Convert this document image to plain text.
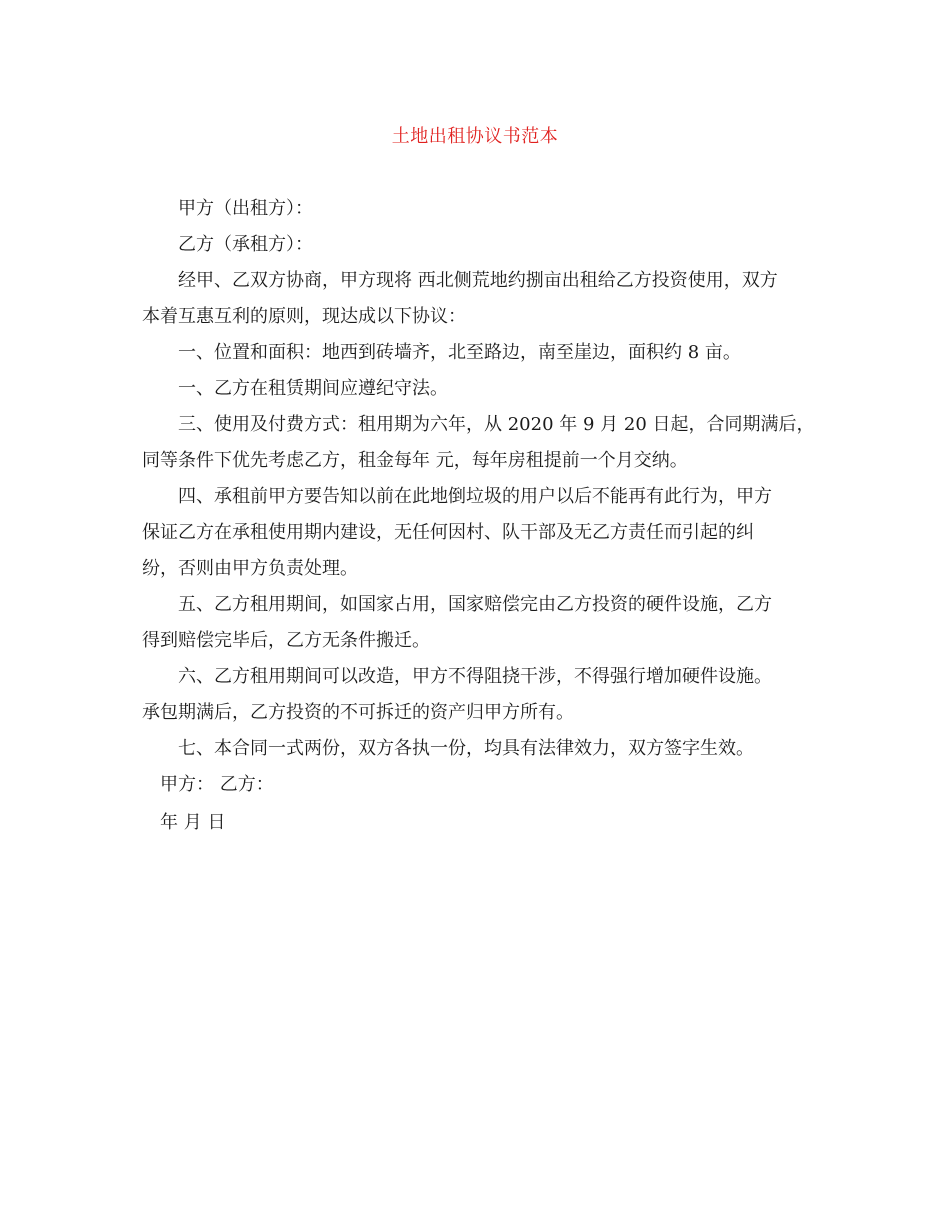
土地出租协议书范本
甲方（出租方）：
乙方（承租方）：
经甲、乙双方协商，甲方现将 西北侧荒地约捌亩出租给乙方投资使用，双方
本着互惠互利的原则，现达成以下协议：
一、位置和面积：地西到砖墙齐，北至路边，南至崖边，面积约 8 亩。
一、乙方在租赁期间应遵纪守法。
三、使用及付费方式：租用期为六年，从 2020 年 9 月 20 日起，合同期满后，
同等条件下优先考虑乙方，租金每年 元，每年房租提前一个月交纳。
四、承租前甲方要告知以前在此地倒垃圾的用户以后不能再有此行为，甲方
保证乙方在承租使用期内建设，无任何因村、队干部及无乙方责任而引起的纠
纷，否则由甲方负责处理。
五、乙方租用期间，如国家占用，国家赔偿完由乙方投资的硬件设施，乙方
得到赔偿完毕后，乙方无条件搬迁。
六、乙方租用期间可以改造，甲方不得阻挠干涉，不得强行增加硬件设施。
承包期满后，乙方投资的不可拆迁的资产归甲方所有。
七、本合同一式两份，双方各执一份，均具有法律效力，双方签字生效。
甲方： 乙方：
年 月 日
